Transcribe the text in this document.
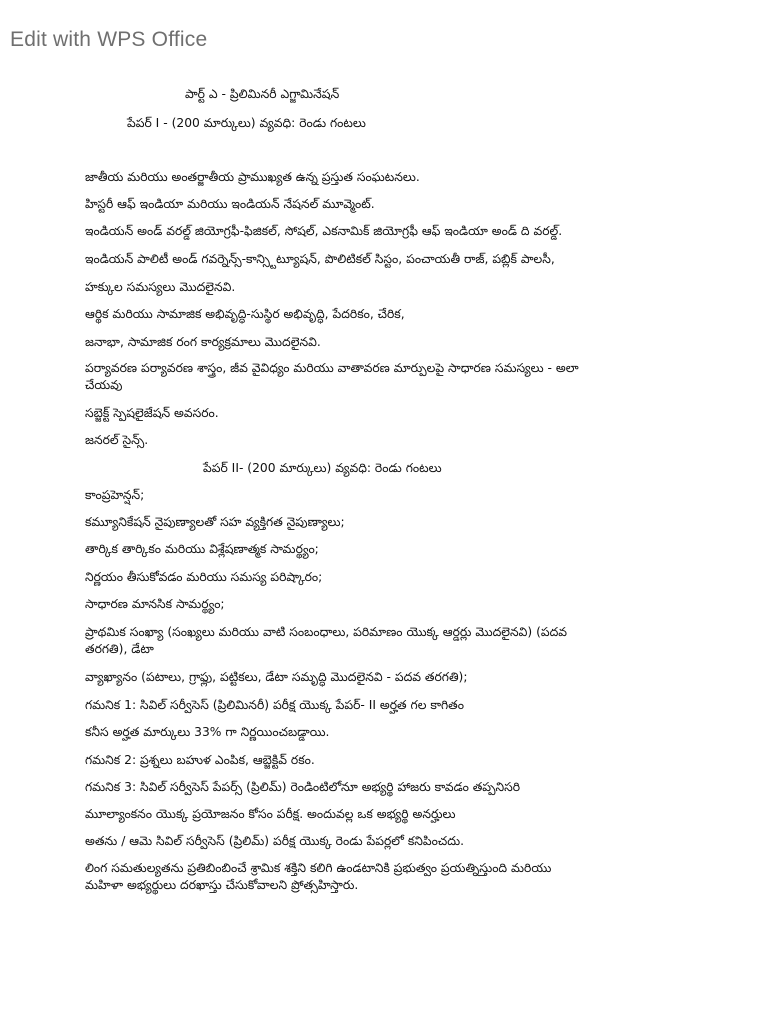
Edit with WPS Office
పార్ట్ ఎ - ప్రిలిమినరీ ఎగ్జామినేషన్
పేపర్ I - (200 మార్కులు) వ్యవధి: రెండు గంటలు
జాతీయ మరియు అంతర్జాతీయ ప్రాముఖ్యత ఉన్న ప్రస్తుత సంఘటనలు.
హిస్టరీ ఆఫ్ ఇండియా మరియు ఇండియన్ నేషనల్ మూవ్మెంట్.
ఇండియన్ అండ్ వరల్డ్ జియోగ్రఫీ-ఫిజికల్, సోషల్, ఎకనామిక్ జియోగ్రఫీ ఆఫ్ ఇండియా అండ్ ది వరల్డ్.
ఇండియన్ పాలిటీ అండ్ గవర్నెన్స్-కాన్స్టిట్యూషన్, పొలిటికల్ సిస్టం, పంచాయతీ రాజ్, పబ్లిక్ పాలసీ,
హక్కుల సమస్యలు మొదలైనవి.
ఆర్థిక మరియు సామాజిక అభివృద్ధి-సుస్థిర అభివృద్ధి, పేదరికం, చేరిక,
జనాభా, సామాజిక రంగ కార్యక్రమాలు మొదలైనవి.
పర్యావరణ పర్యావరణ శాస్త్రం, జీవ వైవిధ్యం మరియు వాతావరణ మార్పులపై సాధారణ సమస్యలు - అలా చేయవు
సబ్జెక్ట్ స్పెషలైజేషన్ అవసరం.
జనరల్ సైన్స్.
పేపర్ II- (200 మార్కులు) వ్యవధి: రెండు గంటలు
కాంప్రహెన్షన్;
కమ్యూనికేషన్ నైపుణ్యాలతో సహ వ్యక్తిగత నైపుణ్యాలు;
తార్కిక తార్కికం మరియు విశ్లేషణాత్మక సామర్థ్యం;
నిర్ణయం తీసుకోవడం మరియు సమస్య పరిష్కారం;
సాధారణ మానసిక సామర్థ్యం;
ప్రాథమిక సంఖ్యా (సంఖ్యలు మరియు వాటి సంబంధాలు, పరిమాణం యొక్క ఆర్డర్లు మొదలైనవి) (పదవ తరగతి), డేటా
వ్యాఖ్యానం (పటాలు, గ్రాఫ్లు, పట్టికలు, డేటా సమృద్ధి మొదలైనవి - పదవ తరగతి);
గమనిక 1: సివిల్ సర్వీసెస్ (ప్రిలిమినరీ) పరీక్ష యొక్క పేపర్- II అర్హత గల కాగితం
కనీస అర్హత మార్కులు 33% గా నిర్ణయించబడ్డాయి.
గమనిక 2: ప్రశ్నలు బహుళ ఎంపిక, ఆబ్జెక్టివ్ రకం.
గమనిక 3: సివిల్ సర్వీసెస్ పేపర్స్ (ప్రిలిమ్) రెండింటిలోనూ అభ్యర్థి హాజరు కావడం తప్పనిసరి
మూల్యాంకనం యొక్క ప్రయోజనం కోసం పరీక్ష. అందువల్ల ఒక అభ్యర్థి అనర్హులు
అతను / ఆమె సివిల్ సర్వీసెస్ (ప్రిలిమ్) పరీక్ష యొక్క రెండు పేపర్లలో కనిపించదు.
లింగ సమతుల్యతను ప్రతిబింబించే శ్రామిక శక్తిని కలిగి ఉండటానికి ప్రభుత్వం ప్రయత్నిస్తుంది మరియు మహిళా అభ్యర్థులు దరఖాస్తు చేసుకోవాలని ప్రోత్సహిస్తారు.
